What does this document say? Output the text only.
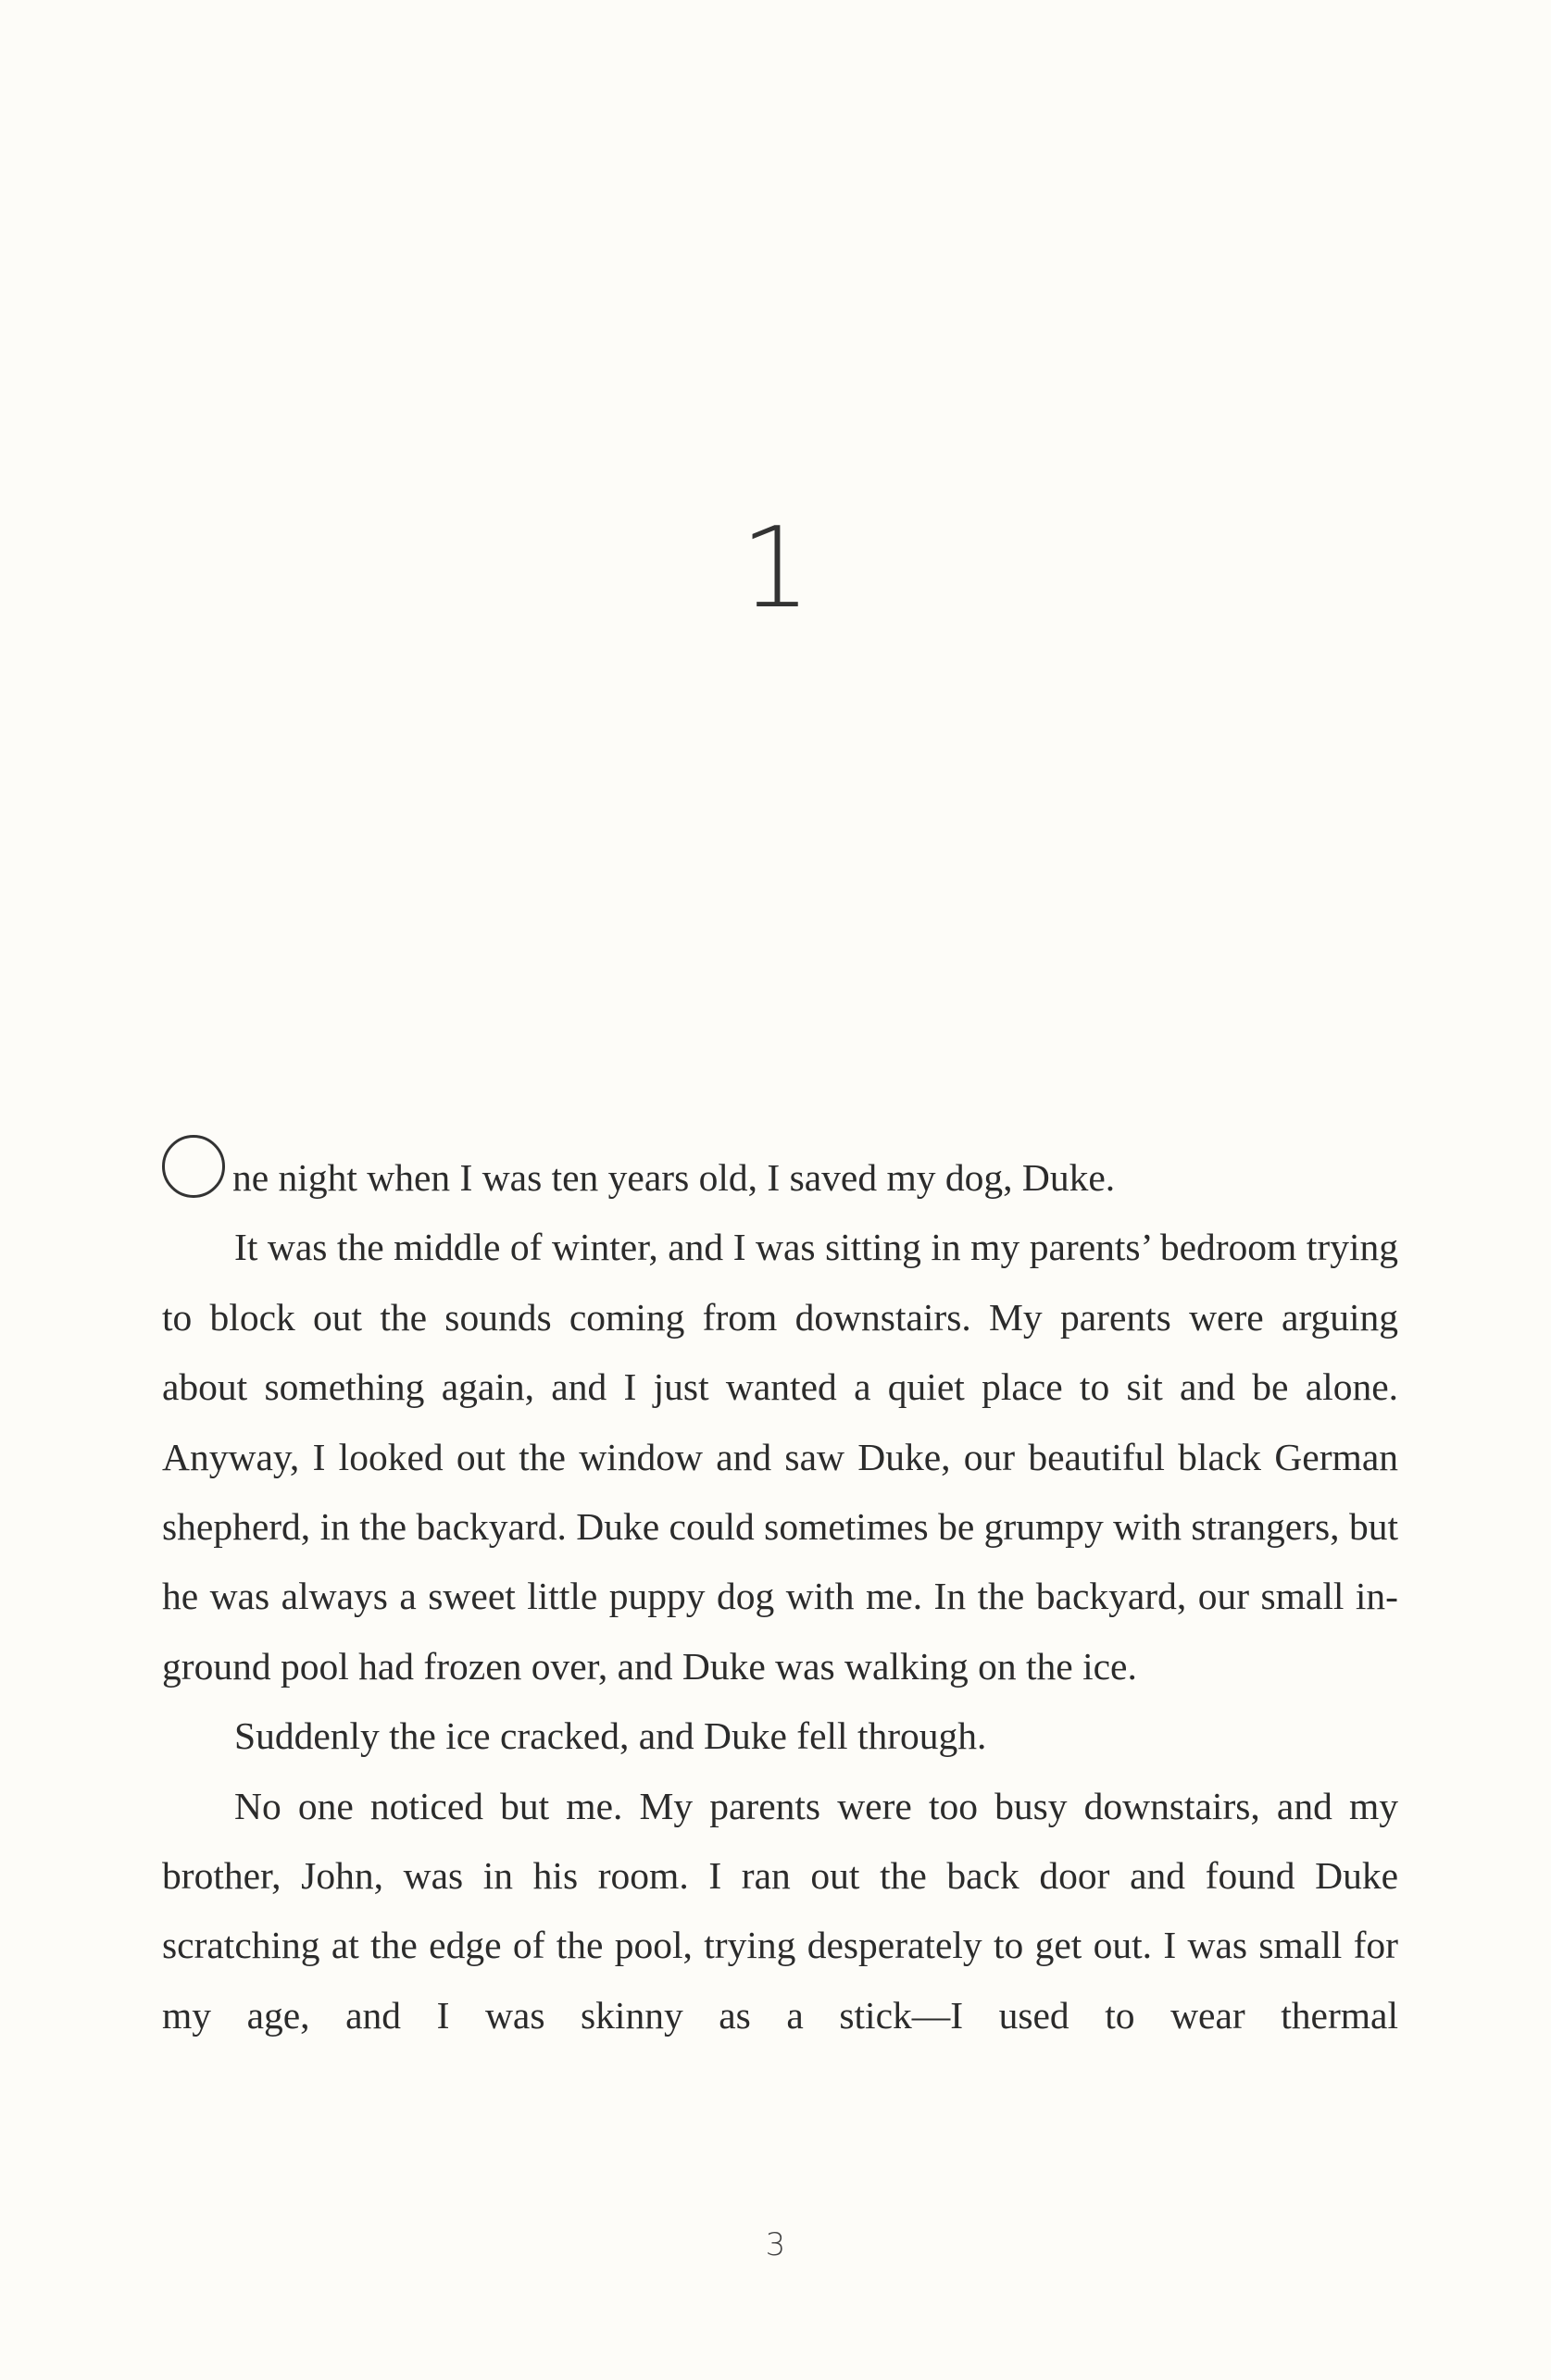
1

ne night when I was ten years old, I saved my dog, Duke.

It was the middle of winter, and I was sitting in my parents’ bedroom trying to block out the sounds coming from downstairs. My parents were arguing about something again, and I just wanted a quiet place to sit and be alone. Anyway, I looked out the window and saw Duke, our beautiful black German shepherd, in the backyard. Duke could sometimes be grumpy with strangers, but he was always a sweet little puppy dog with me. In the backyard, our small in-ground pool had frozen over, and Duke was walking on the ice.

Suddenly the ice cracked, and Duke fell through.

No one noticed but me. My parents were too busy downstairs, and my brother, John, was in his room. I ran out the back door and found Duke scratching at the edge of the pool, trying desperately to get out. I was small for my age, and I was skinny as a stick—I used to wear thermal

3
